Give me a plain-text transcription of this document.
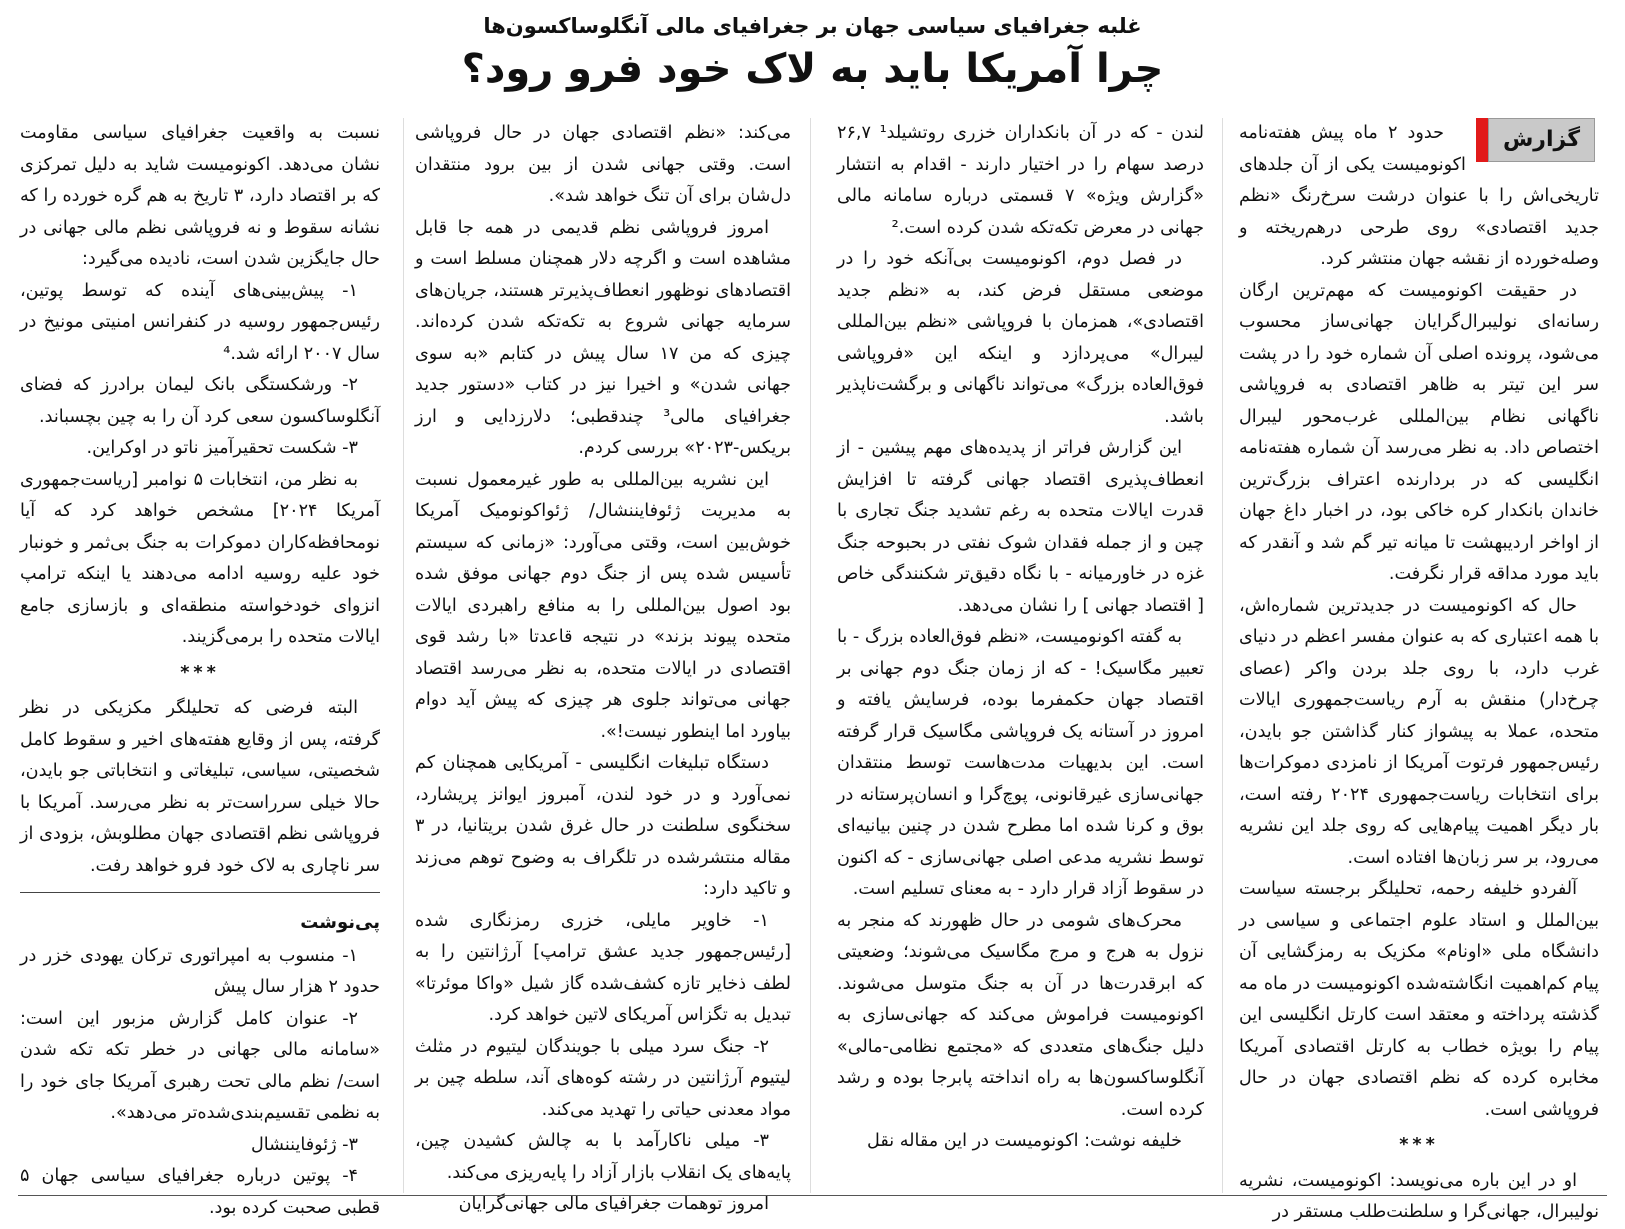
غلبه جغرافیای سیاسی جهان بر جغرافیای مالی آنگلوساکسون‌ها
چرا آمریکا باید به لاک خود فرو رود؟
گزارش

حدود ۲ ماه پیش هفته‌نامه اکونومیست یکی از آن جلدهای تاریخی‌اش را با عنوان درشت سرخ‌رنگ «نظم جدید اقتصادی» روی طرحی درهم‌ریخته و وصله‌خورده از نقشه جهان منتشر کرد.

در حقیقت اکونومیست که مهم‌ترین ارگان رسانه‌ای نولیبرال‌گرایان جهانی‌ساز محسوب می‌شود، پرونده اصلی آن شماره خود را در پشت سر این تیتر به ظاهر اقتصادی به فروپاشی ناگهانی نظام بین‌المللی غرب‌محور لیبرال اختصاص داد. به نظر می‌رسد آن شماره هفته‌نامه انگلیسی که در بردارنده اعتراف بزرگ‌ترین خاندان بانکدار کره خاکی بود، در اخبار داغ جهان از اواخر اردیبهشت تا میانه تیر گم شد و آنقدر که باید مورد مداقه قرار نگرفت.

حال که اکونومیست در جدیدترین شماره‌اش، با همه اعتباری که به عنوان مفسر اعظم در دنیای غرب دارد، با روی جلد بردن واکر (عصای چرخ‌دار) منقش به آرم ریاست‌جمهوری ایالات متحده، عملا به پیشواز کنار گذاشتن جو بایدن، رئیس‌جمهور فرتوت آمریکا از نامزدی دموکرات‌ها برای انتخابات ریاست‌جمهوری ۲۰۲۴ رفته است، بار دیگر اهمیت پیام‌هایی که روی جلد این نشریه می‌رود، بر سر زبان‌ها افتاده است.

آلفردو خلیفه رحمه، تحلیلگر برجسته سیاست بین‌الملل و استاد علوم اجتماعی و سیاسی در دانشگاه ملی «اونام» مکزیک به رمزگشایی آن پیام کم‌اهمیت انگاشته‌شده اکونومیست در ماه مه گذشته پرداخته و معتقد است کارتل انگلیسی این پیام را بویژه خطاب به کارتل اقتصادی آمریکا مخابره کرده که نظم اقتصادی جهان در حال فروپاشی است.

***

او در این باره می‌نویسد: اکونومیست، نشریه نولیبرال، جهانی‌گرا و سلطنت‌طلب مستقر در

لندن - که در آن بانکداران خزری روتشیلد¹ ۲۶,۷ درصد سهام را در اختیار دارند - اقدام به انتشار «گزارش ویژه» ۷ قسمتی درباره سامانه مالی جهانی در معرض تکه‌تکه شدن کرده است.²

در فصل دوم، اکونومیست بی‌آنکه خود را در موضعی مستقل فرض کند، به «نظم جدید اقتصادی»، همزمان با فروپاشی «نظم بین‌المللی لیبرال» می‌پردازد و اینکه این «فروپاشی فوق‌العاده بزرگ» می‌تواند ناگهانی و برگشت‌ناپذیر باشد.

این گزارش فراتر از پدیده‌های مهم پیشین - از انعطاف‌پذیری اقتصاد جهانی گرفته تا افزایش قدرت ایالات متحده به رغم تشدید جنگ تجاری با چین و از جمله فقدان شوک نفتی در بحبوحه جنگ غزه در خاورمیانه - با نگاه دقیق‌تر شکنندگی خاص [ اقتصاد جهانی ] را نشان می‌دهد.

به گفته اکونومیست، «نظم فوق‌العاده بزرگ - با تعبیر مگاسیک! - که از زمان جنگ دوم جهانی بر اقتصاد جهان حکمفرما بوده، فرسایش یافته و امروز در آستانه یک فروپاشی مگاسیک قرار گرفته است. این بدیهیات مدت‌هاست توسط منتقدان جهانی‌سازی غیرقانونی، پوچ‌گرا و انسان‌پرستانه در بوق و کرنا شده اما مطرح شدن در چنین بیانیه‌ای توسط نشریه مدعی اصلی جهانی‌سازی - که اکنون در سقوط آزاد قرار دارد - به معنای تسلیم است.

محرک‌های شومی در حال ظهورند که منجر به نزول به هرج و مرج مگاسیک می‌شوند؛ وضعیتی که ابرقدرت‌ها در آن به جنگ متوسل می‌شوند. اکونومیست فراموش می‌کند که جهانی‌سازی به دلیل جنگ‌های متعددی که «مجتمع نظامی-مالی» آنگلوساکسون‌ها به راه انداخته پابرجا بوده و رشد کرده است.

خلیفه نوشت: اکونومیست در این مقاله نقل

می‌کند: «نظم اقتصادی جهان در حال فروپاشی است. وقتی جهانی شدن از بین برود منتقدان دل‌شان برای آن تنگ خواهد شد».

امروز فروپاشی نظم قدیمی در همه جا قابل مشاهده است و اگرچه دلار همچنان مسلط است و اقتصادهای نوظهور انعطاف‌پذیرتر هستند، جریان‌های سرمایه جهانی شروع به تکه‌تکه شدن کرده‌اند. چیزی که من ۱۷ سال پیش در کتابم «به سوی جهانی شدن» و اخیرا نیز در کتاب «دستور جدید جغرافیای مالی³ چندقطبی؛ دلارزدایی و ارز بریکس-۲۰۲۳» بررسی کردم.

این نشریه بین‌المللی به طور غیرمعمول نسبت به مدیریت ژئوفایننشال/ ژئواکونومیک آمریکا خوش‌بین است، وقتی می‌آورد: «زمانی که سیستم تأسیس شده پس از جنگ دوم جهانی موفق شده بود اصول بین‌المللی را به منافع راهبردی ایالات متحده پیوند بزند» در نتیجه قاعدتا «با رشد قوی اقتصادی در ایالات متحده، به نظر می‌رسد اقتصاد جهانی می‌تواند جلوی هر چیزی که پیش آید دوام بیاورد اما اینطور نیست!».

دستگاه تبلیغات انگلیسی - آمریکایی همچنان کم نمی‌آورد و در خود لندن، آمبروز ایوانز پریشارد، سخنگوی سلطنت در حال غرق شدن بریتانیا، در ۳ مقاله منتشرشده در تلگراف به وضوح توهم می‌زند و تاکید دارد:

۱- خاویر مایلی، خزری رمزنگاری شده [رئیس‌جمهور جدید عشق ترامپ] آرژانتین را به لطف ذخایر تازه کشف‌شده گاز شیل «واکا موئرتا» تبدیل به تگزاس آمریکای لاتین خواهد کرد.

۲- جنگ سرد میلی با جویندگان لیتیوم در مثلث لیتیوم آرژانتین در رشته کوه‌های آند، سلطه چین بر مواد معدنی حیاتی را تهدید می‌کند.

۳- میلی ناکارآمد با به چالش کشیدن چین، پایه‌های یک انقلاب بازار آزاد را پایه‌ریزی می‌کند.

امروز توهمات جغرافیای مالی جهانی‌گرایان

نسبت به واقعیت جغرافیای سیاسی مقاومت نشان می‌دهد. اکونومیست شاید به دلیل تمرکزی که بر اقتصاد دارد، ۳ تاریخ به هم گره خورده را که نشانه سقوط و نه فروپاشی نظم مالی جهانی در حال جایگزین شدن است، نادیده می‌گیرد:

۱- پیش‌بینی‌های آینده که توسط پوتین، رئیس‌جمهور روسیه در کنفرانس امنیتی مونیخ در سال ۲۰۰۷ ارائه شد.⁴

۲- ورشکستگی بانک لیمان برادرز که فضای آنگلوساکسون سعی کرد آن را به چین بچسباند.

۳- شکست تحقیرآمیز ناتو در اوکراین.

به نظر من، انتخابات ۵ نوامبر [ریاست‌جمهوری آمریکا ۲۰۲۴] مشخص خواهد کرد که آیا نومحافظه‌کاران دموکرات به جنگ بی‌ثمر و خونبار خود علیه روسیه ادامه می‌دهند یا اینکه ترامپ انزوای خودخواسته منطقه‌ای و بازسازی جامع ایالات متحده را برمی‌گزیند.

***

البته فرضی که تحلیلگر مکزیکی در نظر گرفته، پس از وقایع هفته‌های اخیر و سقوط کامل شخصیتی، سیاسی، تبلیغاتی و انتخاباتی جو بایدن، حالا خیلی سرراست‌تر به نظر می‌رسد. آمریکا با فروپاشی نظم اقتصادی جهان مطلوبش، بزودی از سر ناچاری به لاک خود فرو خواهد رفت.

پی‌نوشت

۱- منسوب به امپراتوری ترکان یهودی خزر در حدود ۲ هزار سال پیش

۲- عنوان کامل گزارش مزبور این است: «سامانه مالی جهانی در خطر تکه تکه شدن است/ نظم مالی تحت رهبری آمریکا جای خود را به نظمی تقسیم‌بندی‌شده‌تر می‌دهد».

۳- ژئوفایننشال

۴- پوتین درباره جغرافیای سیاسی جهان ۵ قطبی صحبت کرده بود.
